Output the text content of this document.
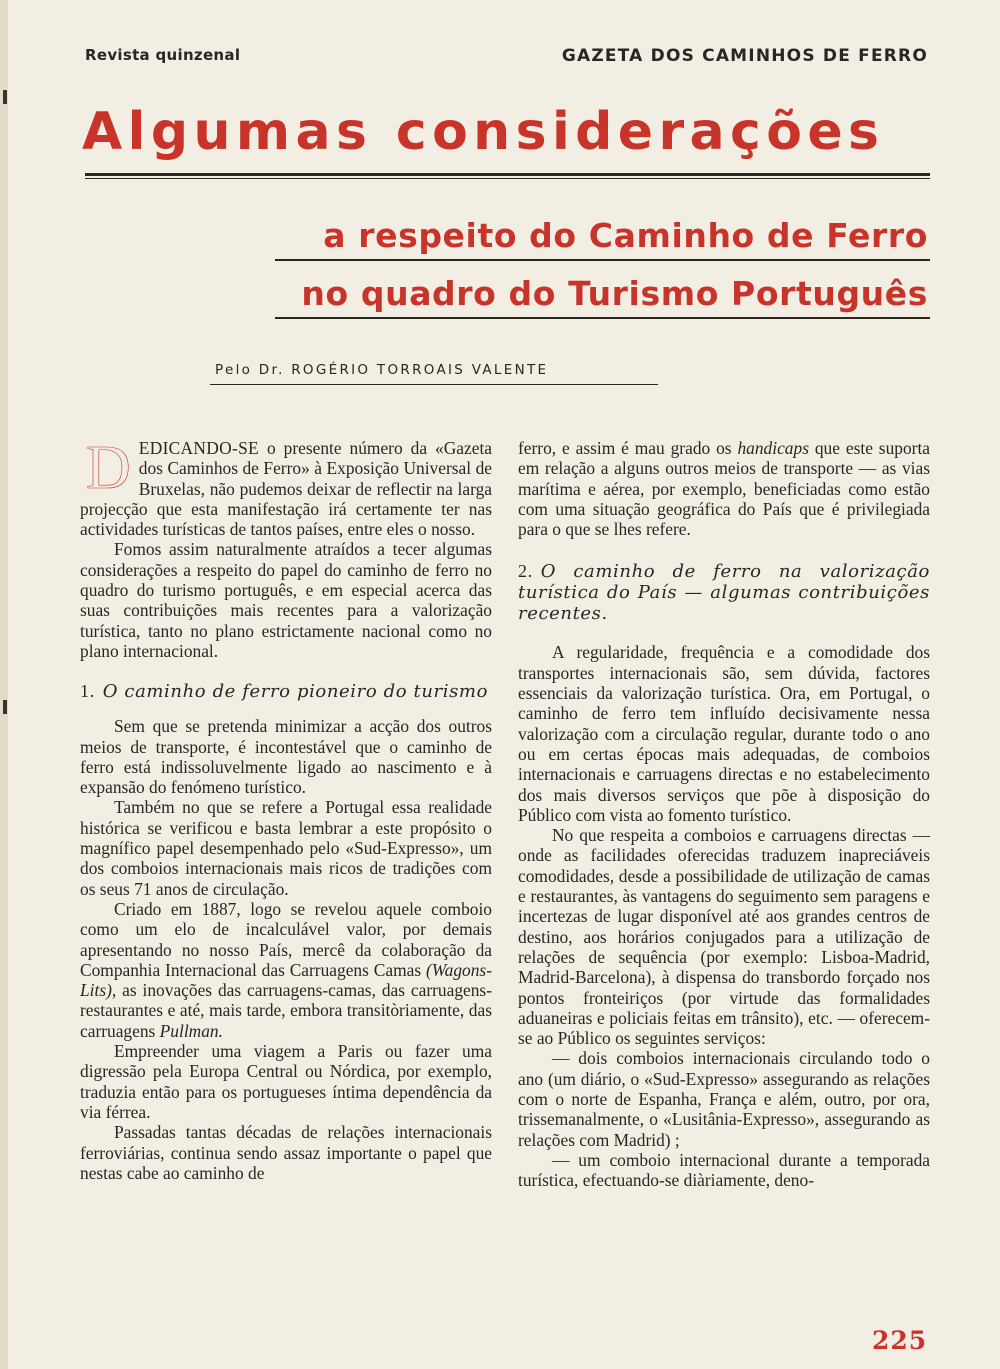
Revista quinzenal	GAZETA DOS CAMINHOS DE FERRO
Algumas considerações
a respeito do Caminho de Ferro
no quadro do Turismo Português
Pelo Dr. ROGÉRIO TORROAIS VALENTE

DEDICANDO-SE o presente número da «Gazeta dos Caminhos de Ferro» à Exposição Universal de Bruxelas, não pudemos deixar de reflectir na larga projecção que esta manifestação irá certamente ter nas actividades turísticas de tantos países, entre eles o nosso.

Fomos assim naturalmente atraídos a tecer algumas considerações a respeito do papel do caminho de ferro no quadro do turismo português, e em especial acerca das suas contribuições mais recentes para a valorização turística, tanto no plano estrictamente nacional como no plano internacional.

1. O caminho de ferro pioneiro do turismo

Sem que se pretenda minimizar a acção dos outros meios de transporte, é incontestável que o caminho de ferro está indissoluvelmente ligado ao nascimento e à expansão do fenómeno turístico.

Também no que se refere a Portugal essa realidade histórica se verificou e basta lembrar a este propósito o magnífico papel desempenhado pelo «Sud-Expresso», um dos comboios internacionais mais ricos de tradições com os seus 71 anos de circulação.

Criado em 1887, logo se revelou aquele comboio como um elo de incalculável valor, por demais apresentando no nosso País, mercê da colaboração da Companhia Internacional das Carruagens Camas (Wagons-Lits), as inovações das carruagens-camas, das carruagens-restaurantes e até, mais tarde, embora transitòriamente, das carruagens Pullman.

Empreender uma viagem a Paris ou fazer uma digressão pela Europa Central ou Nórdica, por exemplo, traduzia então para os portugueses íntima dependência da via férrea.

Passadas tantas décadas de relações internacionais ferroviárias, continua sendo assaz importante o papel que nestas cabe ao caminho de

ferro, e assim é mau grado os handicaps que este suporta em relação a alguns outros meios de transporte — as vias marítima e aérea, por exemplo, beneficiadas como estão com uma situação geográfica do País que é privilegiada para o que se lhes refere.

2. O caminho de ferro na valorização turística do País — algumas contribuições recentes.

A regularidade, frequência e a comodidade dos transportes internacionais são, sem dúvida, factores essenciais da valorização turística. Ora, em Portugal, o caminho de ferro tem influído decisivamente nessa valorização com a circulação regular, durante todo o ano ou em certas épocas mais adequadas, de comboios internacionais e carruagens directas e no estabelecimento dos mais diversos serviços que põe à disposição do Público com vista ao fomento turístico.

No que respeita a comboios e carruagens directas — onde as facilidades oferecidas traduzem inapreciáveis comodidades, desde a possibilidade de utilização de camas e restaurantes, às vantagens do seguimento sem paragens e incertezas de lugar disponível até aos grandes centros de destino, aos horários conjugados para a utilização de relações de sequência (por exemplo: Lisboa-Madrid, Madrid-Barcelona), à dispensa do transbordo forçado nos pontos fronteiriços (por virtude das formalidades aduaneiras e policiais feitas em trânsito), etc. — oferecem-se ao Público os seguintes serviços:

— dois comboios internacionais circulando todo o ano (um diário, o «Sud-Expresso» assegurando as relações com o norte de Espanha, França e além, outro, por ora, trissemanalmente, o «Lusitânia-Expresso», assegurando as relações com Madrid) ;

— um comboio internacional durante a temporada turística, efectuando-se diàriamente, deno-

225
